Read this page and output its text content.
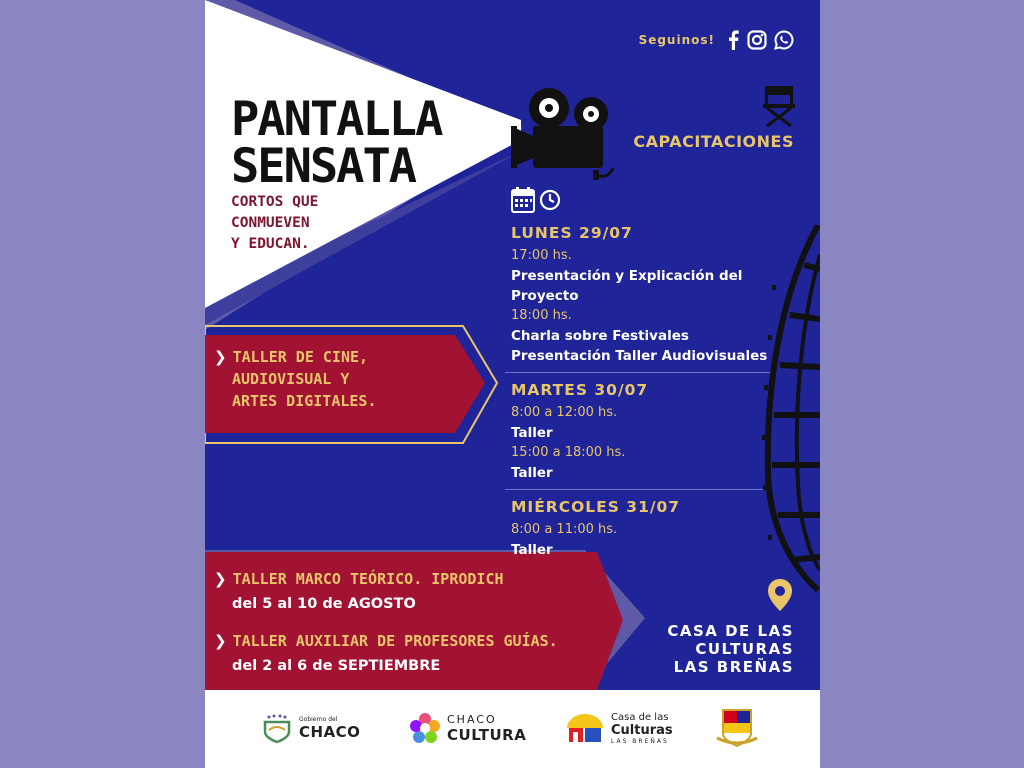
Seguinos!
PANTALLA
SENSATA
CORTOS QUE
CONMUEVEN
Y EDUCAN.
CAPACITACIONES
LUNES 29/07
17:00 hs.
Presentación y Explicación del Proyecto
18:00 hs.
Charla sobre Festivales
Presentación Taller Audiovisuales
MARTES 30/07
8:00 a 12:00 hs.
Taller
15:00 a 18:00 hs.
Taller
MIÉRCOLES 31/07
8:00 a 11:00 hs.
Taller
❯ TALLER DE CINE,
AUDIOVISUAL Y
ARTES DIGITALES.
❯ TALLER MARCO TEÓRICO. IPRODICH
del 5 al 10 de AGOSTO
❯ TALLER AUXILIAR DE PROFESORES GUÍAS.
del 2 al 6 de SEPTIEMBRE
CASA DE LAS
CULTURAS
LAS BREÑAS
Gobierno del
CHACO
CHACO
CULTURA
Casa de las
Culturas
LAS BREÑAS
